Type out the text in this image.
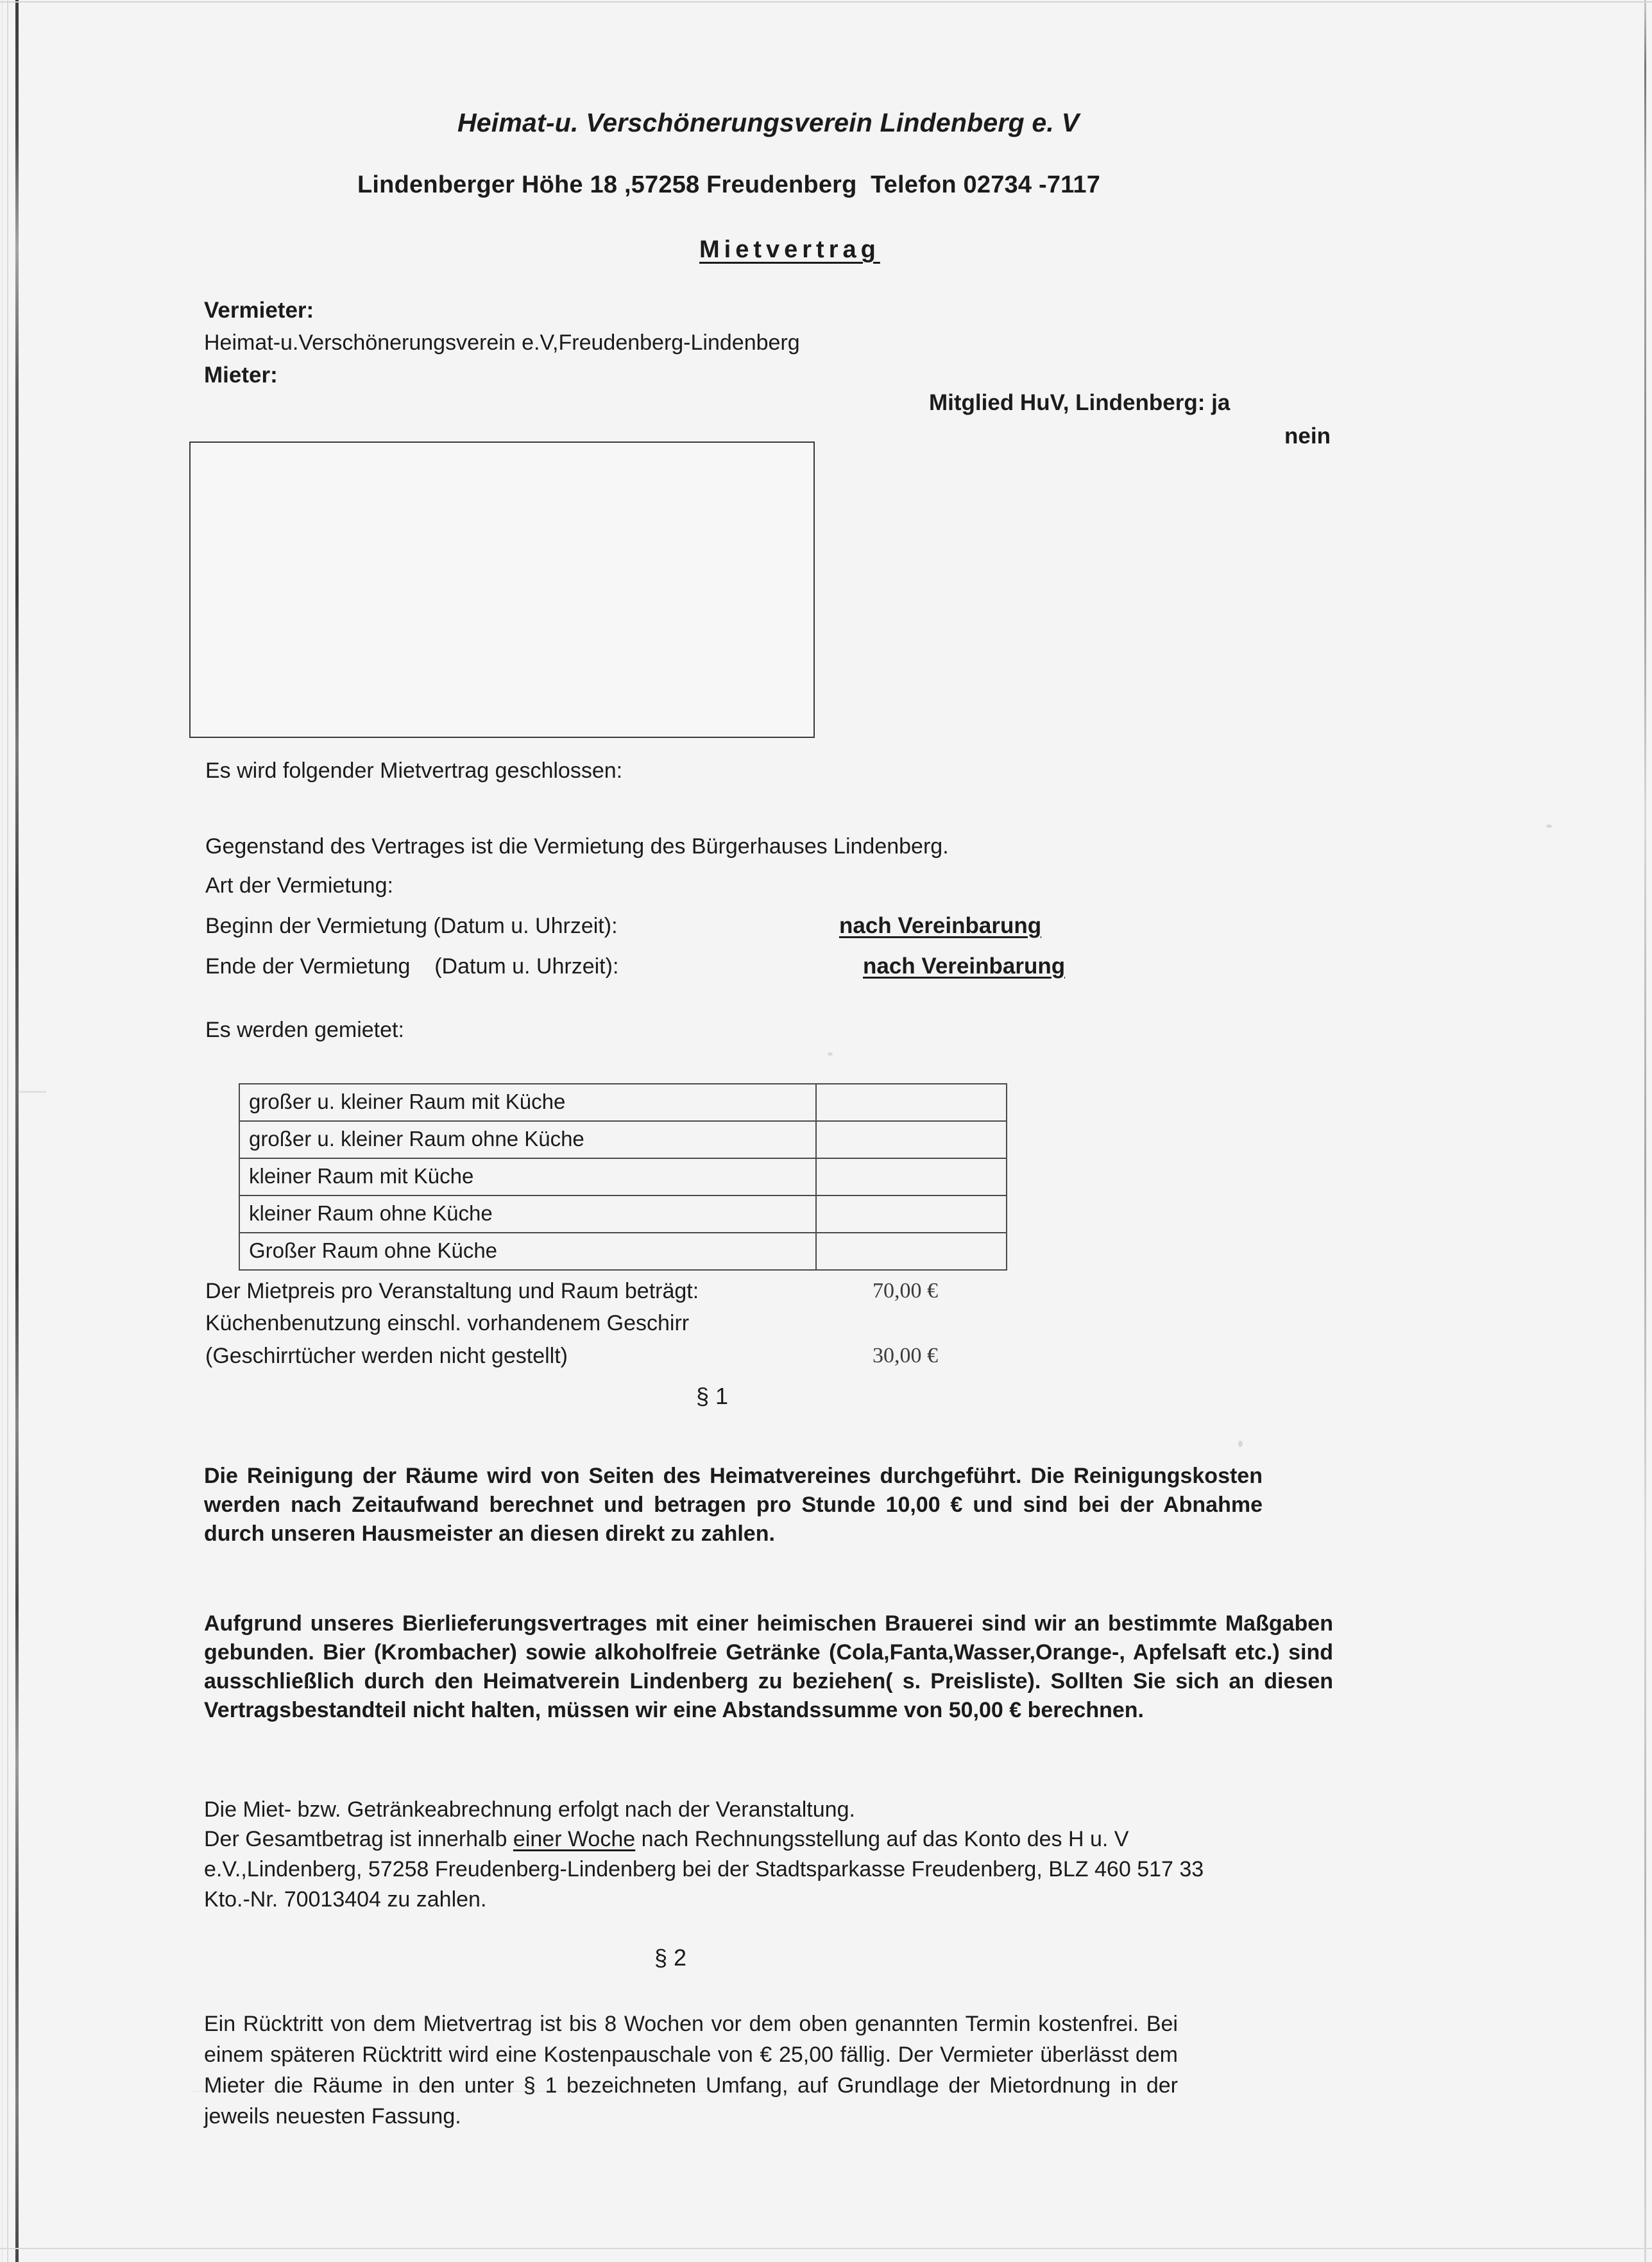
Heimat-u. Verschönerungsverein Lindenberg e. V
Lindenberger Höhe 18 ,57258 Freudenberg  Telefon 02734 -7117
Mietvertrag
Vermieter:
Heimat-u.Verschönerungsverein e.V,Freudenberg-Lindenberg
Mieter:
Mitglied HuV, Lindenberg: ja
nein
Es wird folgender Mietvertrag geschlossen:
Gegenstand des Vertrages ist die Vermietung des Bürgerhauses Lindenberg.
Art der Vermietung:
Beginn der Vermietung (Datum u. Uhrzeit):	nach Vereinbarung
Ende der Vermietung    (Datum u. Uhrzeit):	nach Vereinbarung
Es werden gemietet:
großer u. kleiner Raum mit Küche	
großer u. kleiner Raum ohne Küche	
kleiner Raum mit Küche	
kleiner Raum ohne Küche	
Großer Raum ohne Küche	
Der Mietpreis pro Veranstaltung und Raum beträgt:	70,00 €
Küchenbenutzung einschl. vorhandenem Geschirr
(Geschirrtücher werden nicht gestellt)	30,00 €
§ 1
Die Reinigung der Räume wird von Seiten des Heimatvereines durchgeführt. Die Reinigungskosten werden nach Zeitaufwand berechnet und betragen pro Stunde 10,00 € und sind bei der Abnahme durch unseren Hausmeister an diesen direkt zu zahlen.
Aufgrund unseres Bierlieferungsvertrages mit einer heimischen Brauerei sind wir an bestimmte Maßgaben gebunden. Bier (Krombacher) sowie alkoholfreie Getränke (Cola,Fanta,Wasser,Orange-, Apfelsaft etc.) sind ausschließlich durch den Heimatverein Lindenberg zu beziehen( s. Preisliste). Sollten Sie sich an diesen Vertragsbestandteil nicht halten, müssen wir eine Abstandssumme von 50,00 € berechnen.
Die Miet- bzw. Getränkeabrechnung erfolgt nach der Veranstaltung.
Der Gesamtbetrag ist innerhalb einer Woche nach Rechnungsstellung auf das Konto des H u. V
e.V.,Lindenberg, 57258 Freudenberg-Lindenberg bei der Stadtsparkasse Freudenberg, BLZ 460 517 33
Kto.-Nr. 70013404 zu zahlen.
§ 2
Ein Rücktritt von dem Mietvertrag ist bis 8 Wochen vor dem oben genannten Termin kostenfrei. Bei einem späteren Rücktritt wird eine Kostenpauschale von € 25,00 fällig. Der Vermieter überlässt dem Mieter die Räume in den unter § 1 bezeichneten Umfang, auf Grundlage der Mietordnung in der jeweils neuesten Fassung.
